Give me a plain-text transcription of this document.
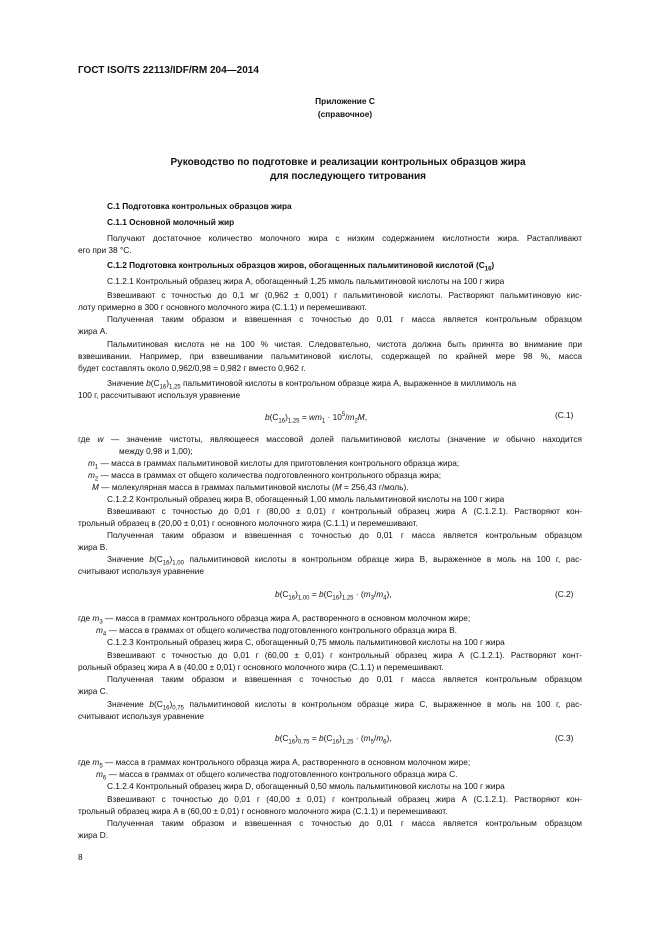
ГОСТ ISO/TS 22113/IDF/RM 204—2014
Приложение С
(справочное)
Руководство по подготовке и реализации контрольных образцов жира
для последующего титрования
С.1 Подготовка контрольных образцов жира
С.1.1 Основной молочный жир
Получают достаточное количество молочного жира с низким содержанием кислотности жира. Растапливают
его при 38 °С.
С.1.2 Подготовка контрольных образцов жиров, обогащенных пальмитиновой кислотой $(C_{16})$
С.1.2.1 Контрольный образец жира А, обогащенный 1,25 ммоль пальмитиновой кислоты на 100 г жира
Взвешивают с точностью до 0,1 мг (0,962 ± 0,001) г пальмитиновой кислоты. Растворяют пальмитиновую кис-
лоту примерно в 300 г основного молочного жира (С.1.1) и перемешивают.
Полученная таким образом и взвешенная с точностью до 0,01 г масса является контрольным образцом
жира А.
Пальмитиновая кислота не на 100 % чистая. Следовательно, чистота должна быть принята во внимание при
взвешивании. Например, при взвешивании пальмитиновой кислоты, содержащей по крайней мере 98 %, масса
будет составлять около 0,962/0,98 = 0,982 г вместо 0,962 г.
Значение $b(C_{16})_{1,25}$ пальмитиновой кислоты в контрольном образце жира А, выраженное в миллимоль на
100 г, рассчитывают используя уравнение
$b(C_{16})_{1,25} = wm_1 \cdot 10^5/m_2M$,	(С.1)
где w — значение чистоты, являющееся массовой долей пальмитиновой кислоты (значение w обычно находится
между 0,98 и 1,00);
$m_1$ — масса в граммах пальмитиновой кислоты для приготовления контрольного образца жира;
$m_2$ — масса в граммах от общего количества подготовленного контрольного образца жира;
M — молекулярная масса в граммах пальмитиновой кислоты (M = 256,43 г/моль).
С.1.2.2 Контрольный образец жира В, обогащенный 1,00 ммоль пальмитиновой кислоты на 100 г жира
Взвешивают с точностью до 0,01 г (80,00 ± 0,01) г контрольный образец жира А (С.1.2.1). Растворяют кон-
трольный образец в (20,00 ± 0,01) г основного молочного жира (С.1.1) и перемешивают.
Полученная таким образом и взвешенная с точностью до 0,01 г масса является контрольным образцом
жира В.
Значение $b(C_{16})_{1,00}$ пальмитиновой кислоты в контрольном образце жира В, выраженное в моль на 100 г, рас-
считывают используя уравнение
$b(C_{16})_{1,00} = b(C_{16})_{1,25} \cdot (m_3/m_4)$,	(С.2)
где $m_3$ — масса в граммах контрольного образца жира А, растворенного в основном молочном жире;
$m_4$ — масса в граммах от общего количества подготовленного контрольного образца жира В.
С.1.2.3 Контрольный образец жира С, обогащенный 0,75 ммоль пальмитиновой кислоты на 100 г жира
Взвешивают с точностью до 0,01 г (60,00 ± 0,01) г контрольный образец жира А (С.1.2.1). Растворяют конт-
рольный образец жира А в (40,00 ± 0,01) г основного молочного жира (С.1.1) и перемешивают.
Полученная таким образом и взвешенная с точностью до 0,01 г масса является контрольным образцом
жира С.
Значение $b(C_{16})_{0,75}$ пальмитиновой кислоты в контрольном образце жира С, выраженное в моль на 100 г, рас-
считывают используя уравнение
$b(C_{16})_{0,75} = b(C_{16})_{1,25} \cdot (m_5/m_6)$,	(С.3)
где $m_5$ — масса в граммах контрольного образца жира А, растворенного в основном молочном жире;
$m_6$ — масса в граммах от общего количества подготовленного контрольного образца жира С.
С.1.2.4 Контрольный образец жира D, обогащенный 0,50 ммоль пальмитиновой кислоты на 100 г жира
Взвешивают с точностью до 0,01 г (40,00 ± 0,01) г контрольный образец жира А (С.1.2.1). Растворяют кон-
трольный образец жира А в (60,00 ± 0,01) г основного молочного жира (С.1.1) и перемешивают.
Полученная таким образом и взвешенная с точностью до 0,01 г масса является контрольным образцом
жира D.
8
